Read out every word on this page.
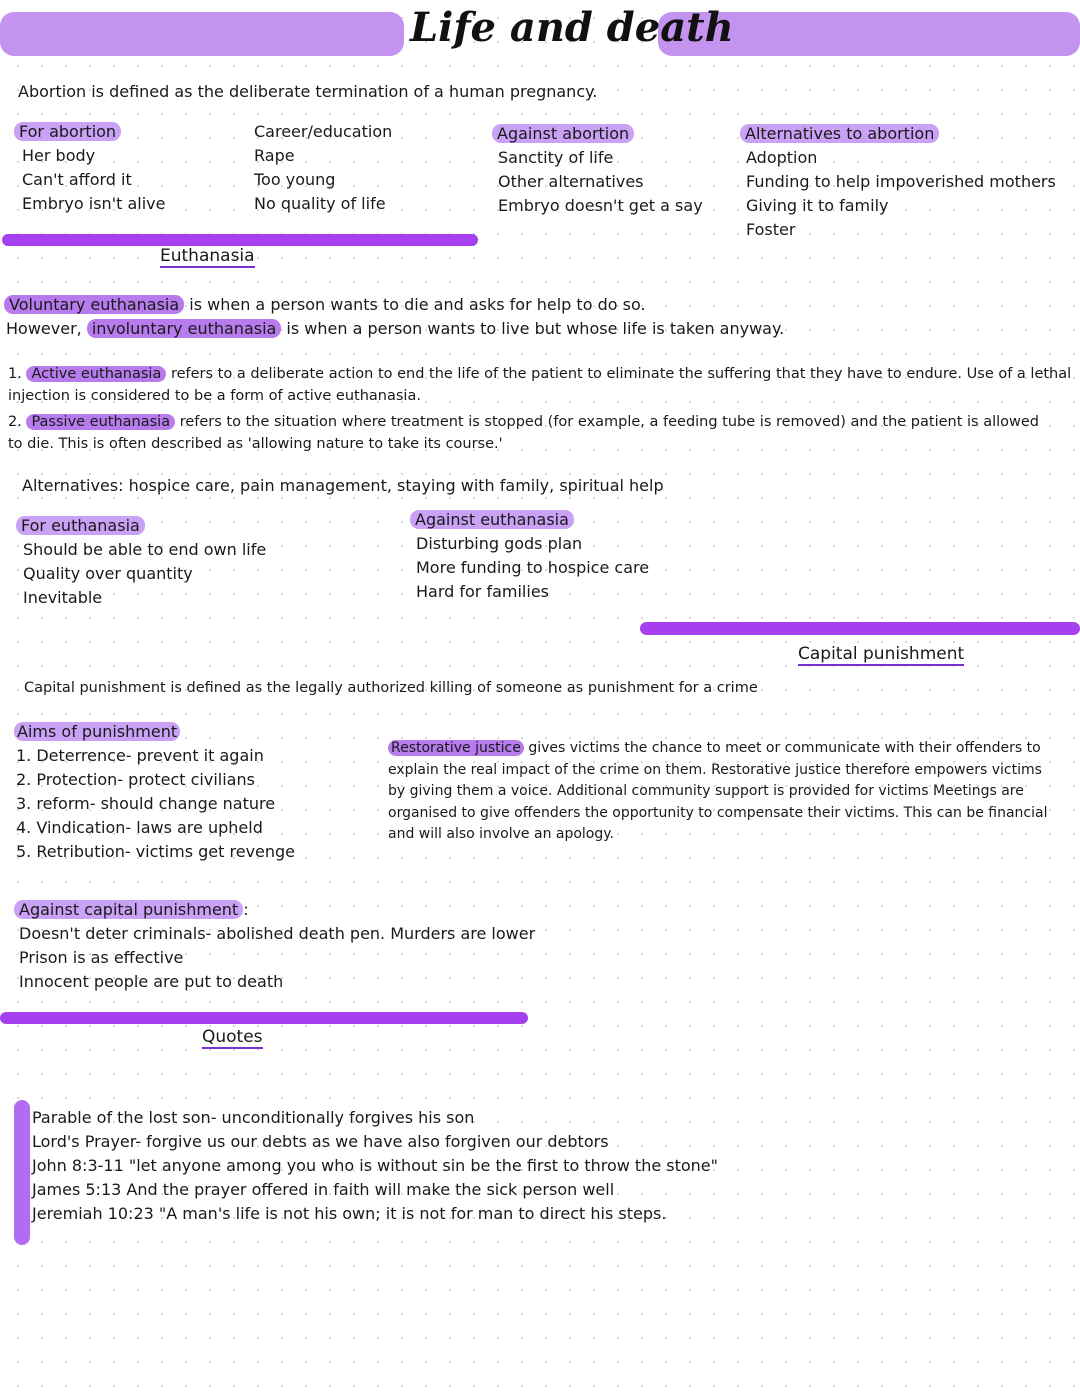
Life and death
Abortion is defined as the deliberate termination of a human pregnancy.
For abortion
Her body
Can't afford it
Embryo isn't alive
Career/education
Rape
Too young
No quality of life
Against abortion
Sanctity of life
Other alternatives
Embryo doesn't get a say
Alternatives to abortion
Adoption
Funding to help impoverished mothers
Giving it to family
Foster
Euthanasia
Voluntary euthanasia is when a person wants to die and asks for help to do so.
However, involuntary euthanasia is when a person wants to live but whose life is taken anyway.
1. Active euthanasia refers to a deliberate action to end the life of the patient to eliminate the suffering that they have to endure. Use of a lethal injection is considered to be a form of active euthanasia.
2. Passive euthanasia refers to the situation where treatment is stopped (for example, a feeding tube is removed) and the patient is allowed to die. This is often described as 'allowing nature to take its course.'
Alternatives: hospice care, pain management, staying with family, spiritual help
For euthanasia
Should be able to end own life
Quality over quantity
Inevitable
Against euthanasia
Disturbing gods plan
More funding to hospice care
Hard for families
Capital punishment
Capital punishment is defined as the legally authorized killing of someone as punishment for a crime
Aims of punishment
1. Deterrence- prevent it again
2. Protection- protect civilians
3. reform- should change nature
4. Vindication- laws are upheld
5. Retribution- victims get revenge
Restorative justice gives victims the chance to meet or communicate with their offenders to explain the real impact of the crime on them. Restorative justice therefore empowers victims by giving them a voice. Additional community support is provided for victims Meetings are organised to give offenders the opportunity to compensate their victims. This can be financial and will also involve an apology.
Against capital punishment :
Doesn't deter criminals- abolished death pen. Murders are lower
Prison is as effective
Innocent people are put to death
Quotes
Parable of the lost son- unconditionally forgives his son
Lord's Prayer- forgive us our debts as we have also forgiven our debtors
John 8:3-11 "let anyone among you who is without sin be the first to throw the stone"
James 5:13 And the prayer offered in faith will make the sick person well
Jeremiah 10:23 "A man's life is not his own; it is not for man to direct his steps.
